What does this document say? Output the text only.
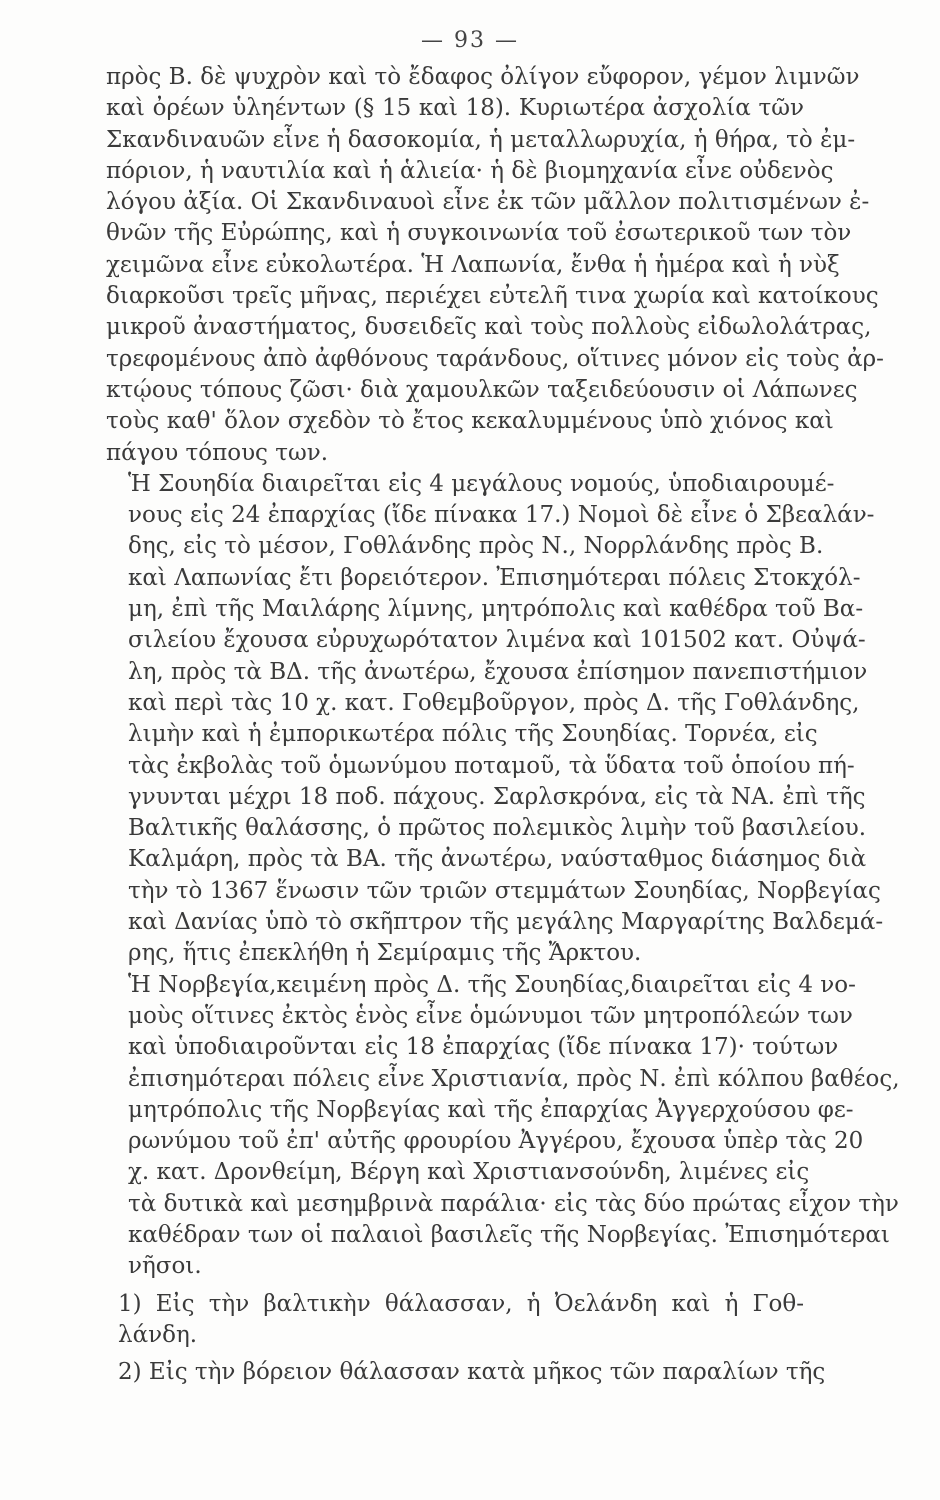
— 93 —
πρὸς Β. δὲ ψυχρὸν καὶ τὸ ἔδαφος ὀλίγον εὔφορον, γέμον λιμνῶν
καὶ ὀρέων ὑληέντων (§ 15 καὶ 18). Κυριωτέρα ἀσχολία τῶν
Σκανδιναυῶν εἶνε ἡ δασοκομία, ἡ μεταλλωρυχία, ἡ θήρα, τὸ ἐμ-
πόριον, ἡ ναυτιλία καὶ ἡ ἁλιεία· ἡ δὲ βιομηχανία εἶνε οὐδενὸς
λόγου ἀξία. Οἱ Σκανδιναυοὶ εἶνε ἐκ τῶν μᾶλλον πολιτισμένων ἐ-
θνῶν τῆς Εὐρώπης, καὶ ἡ συγκοινωνία τοῦ ἐσωτερικοῦ των τὸν
χειμῶνα εἶνε εὐκολωτέρα. Ἡ Λαπωνία, ἔνθα ἡ ἡμέρα καὶ ἡ νὺξ
διαρκοῦσι τρεῖς μῆνας, περιέχει εὐτελῆ τινα χωρία καὶ κατοίκους
μικροῦ ἀναστήματος, δυσειδεῖς καὶ τοὺς πολλοὺς εἰδωλολάτρας,
τρεφομένους ἀπὸ ἀφθόνους ταράνδους, οἵτινες μόνον εἰς τοὺς ἀρ-
κτῴους τόπους ζῶσι· διὰ χαμουλκῶν ταξειδεύουσιν οἱ Λάπωνες
τοὺς καθ' ὅλον σχεδὸν τὸ ἔτος κεκαλυμμένους ὑπὸ χιόνος καὶ
πάγου τόπους των.
Ἡ Σουηδία διαιρεῖται εἰς 4 μεγάλους νομούς, ὑποδιαιρουμέ-
νους εἰς 24 ἐπαρχίας (ἴδε πίνακα 17.) Νομοὶ δὲ εἶνε ὁ Σβεαλάν-
δης, εἰς τὸ μέσον, Γοθλάνδης πρὸς Ν., Νορρλάνδης πρὸς Β.
καὶ Λαπωνίας ἔτι βορειότερον. Ἐπισημότεραι πόλεις Στοκχόλ-
μη, ἐπὶ τῆς Μαιλάρης λίμνης, μητρόπολις καὶ καθέδρα τοῦ Βα-
σιλείου ἔχουσα εὐρυχωρότατον λιμένα καὶ 101502 κατ. Οὐψά-
λη, πρὸς τὰ ΒΔ. τῆς ἀνωτέρω, ἔχουσα ἐπίσημον πανεπιστήμιον
καὶ περὶ τὰς 10 χ. κατ. Γοθεμβοῦργον, πρὸς Δ. τῆς Γοθλάνδης,
λιμὴν καὶ ἡ ἐμπορικωτέρα πόλις τῆς Σουηδίας. Τορνέα, εἰς
τὰς ἐκβολὰς τοῦ ὁμωνύμου ποταμοῦ, τὰ ὕδατα τοῦ ὁποίου πή-
γνυνται μέχρι 18 ποδ. πάχους. Σαρλσκρόνα, εἰς τὰ ΝΑ. ἐπὶ τῆς
Βαλτικῆς θαλάσσης, ὁ πρῶτος πολεμικὸς λιμὴν τοῦ βασιλείου.
Καλμάρη, πρὸς τὰ ΒΑ. τῆς ἀνωτέρω, ναύσταθμος διάσημος διὰ
τὴν τὸ 1367 ἕνωσιν τῶν τριῶν στεμμάτων Σουηδίας, Νορβεγίας
καὶ Δανίας ὑπὸ τὸ σκῆπτρον τῆς μεγάλης Μαργαρίτης Βαλδεμά-
ρης, ἥτις ἐπεκλήθη ἡ Σεμίραμις τῆς Ἄρκτου.
Ἡ Νορβεγία,κειμένη πρὸς Δ. τῆς Σουηδίας,διαιρεῖται εἰς 4 νο-
μοὺς οἵτινες ἐκτὸς ἑνὸς εἶνε ὁμώνυμοι τῶν μητροπόλεών των
καὶ ὑποδιαιροῦνται εἰς 18 ἐπαρχίας (ἴδε πίνακα 17)· τούτων
ἐπισημότεραι πόλεις εἶνε Χριστιανία, πρὸς Ν. ἐπὶ κόλπου βαθέος,
μητρόπολις τῆς Νορβεγίας καὶ τῆς ἐπαρχίας Ἀγγερχούσου φε-
ρωνύμου τοῦ ἐπ' αὐτῆς φρουρίου Ἀγγέρου, ἔχουσα ὑπὲρ τὰς 20
χ. κατ. Δρονθείμη, Βέργη καὶ Χριστιανσούνδη, λιμένες εἰς
τὰ δυτικὰ καὶ μεσημβρινὰ παράλια· εἰς τὰς δύο πρώτας εἶχον τὴν
καθέδραν των οἱ παλαιοὶ βασιλεῖς τῆς Νορβεγίας. Ἐπισημότεραι
νῆσοι.
1) Εἰς τὴν βαλτικὴν θάλασσαν, ἡ Ὀελάνδη καὶ ἡ Γοθ-
λάνδη.
2) Εἰς τὴν βόρειον θάλασσαν κατὰ μῆκος τῶν παραλίων τῆς
